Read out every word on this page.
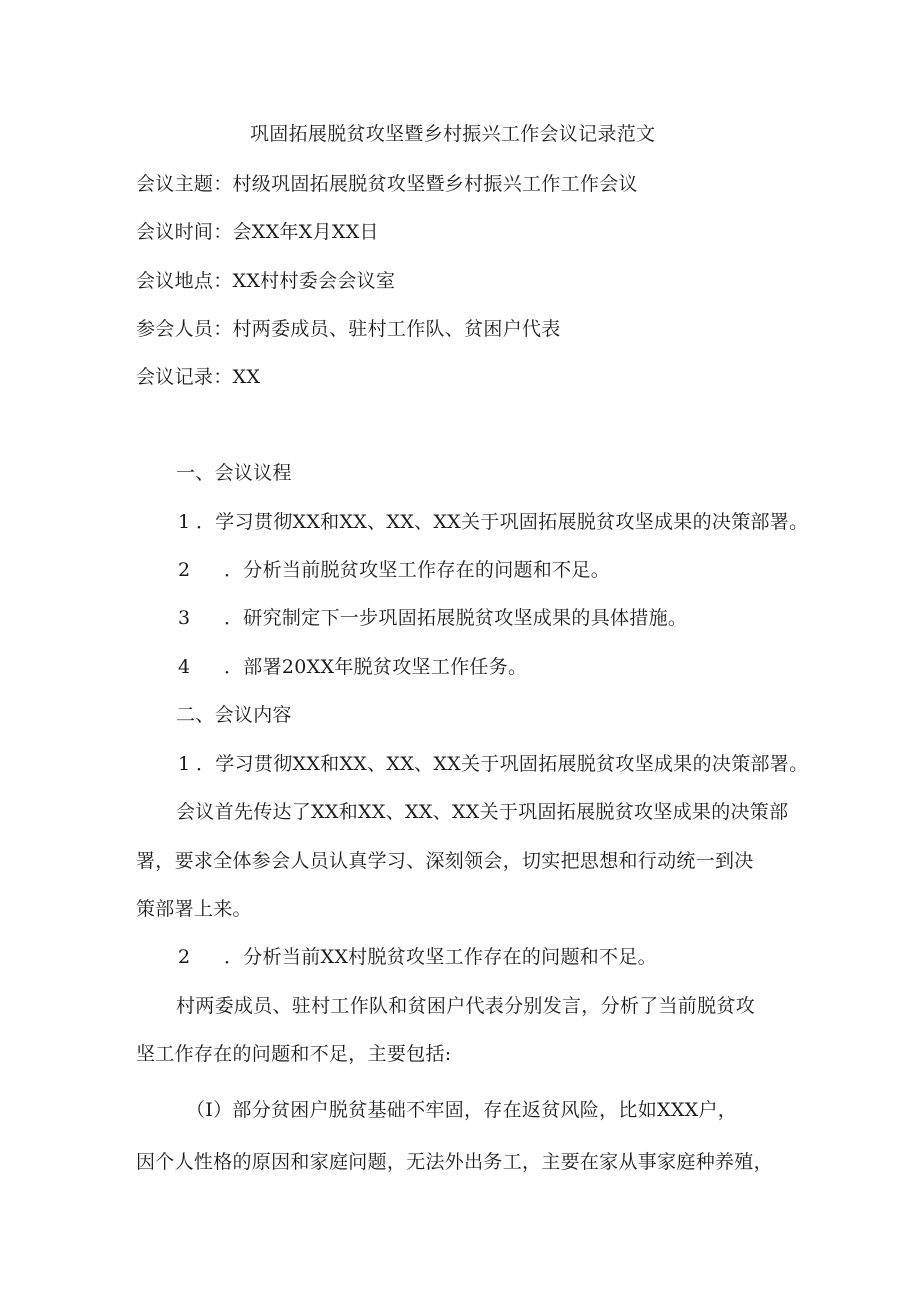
巩固拓展脱贫攻坚暨乡村振兴工作会议记录范文
会议主题：村级巩固拓展脱贫攻坚暨乡村振兴工作工作会议
会议时间：会XX年X月XX日
会议地点：XX村村委会会议室
参会人员：村两委成员、驻村工作队、贫困户代表
会议记录：XX
一、会议议程
1 ．学习贯彻XX和XX、XX、XX关于巩固拓展脱贫攻坚成果的决策部署。
2 ．分析当前脱贫攻坚工作存在的问题和不足。
3 ．研究制定下一步巩固拓展脱贫攻坚成果的具体措施。
4 ．部署20XX年脱贫攻坚工作任务。
二、会议内容
1 ．学习贯彻XX和XX、XX、XX关于巩固拓展脱贫攻坚成果的决策部署。
会议首先传达了XX和XX、XX、XX关于巩固拓展脱贫攻坚成果的决策部
署，要求全体参会人员认真学习、深刻领会，切实把思想和行动统一到决
策部署上来。
2 ．分析当前XX村脱贫攻坚工作存在的问题和不足。
村两委成员、驻村工作队和贫困户代表分别发言，分析了当前脱贫攻
坚工作存在的问题和不足，主要包括:
（I）部分贫困户脱贫基础不牢固，存在返贫风险，比如XXX户，
因个人性格的原因和家庭问题，无法外出务工，主要在家从事家庭种养殖，
